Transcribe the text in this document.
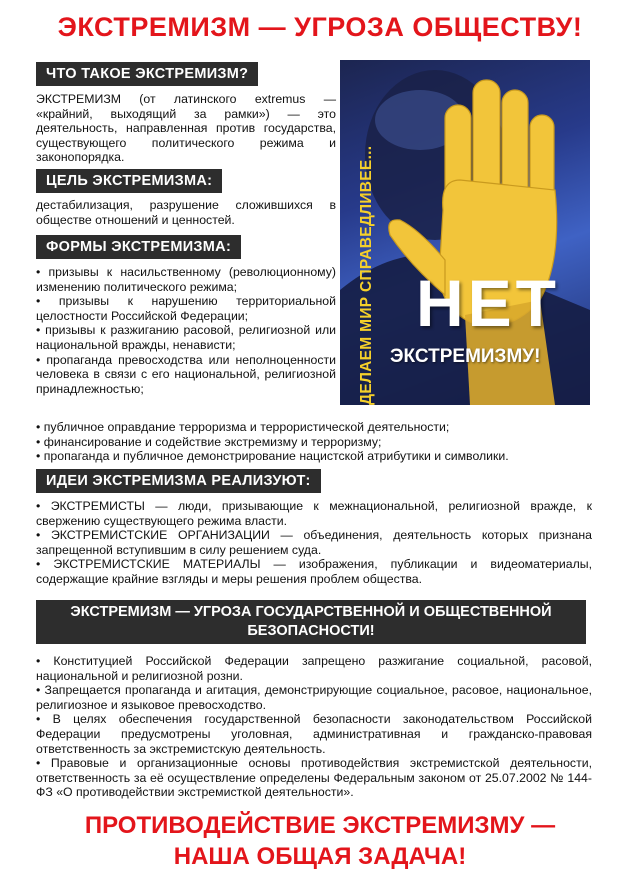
ЭКСТРЕМИЗМ — УГРОЗА ОБЩЕСТВУ!
ДЕЛАЕМ МИР СПРАВЕДЛИВЕЕ... НЕТ
ЭКСТРЕМИЗМУ!
ЧТО ТАКОЕ ЭКСТРЕМИЗМ?

ЭКСТРЕМИЗМ (от латинского extremus — «крайний, выходящий за рамки») — это деятельность, направленная против государства, существующего политического режима и законопорядка.

ЦЕЛЬ ЭКСТРЕМИЗМА:

дестабилизация, разрушение сложившихся в обществе отношений и ценностей.

ФОРМЫ ЭКСТРЕМИЗМА:
• призывы к насильственному (революционному) изменению политического режима;
• призывы к нарушению территориальной целостности Российской Федерации;
• призывы к разжиганию расовой, религиозной или национальной вражды, ненависти;
• пропаганда превосходства или неполноценности человека в связи с его национальной, религиозной принадлежностью;
• публичное оправдание терроризма и террористической деятельности;
• финансирование и содействие экстремизму и терроризму;
• пропаганда и публичное демонстрирование нацистской атрибутики и символики.
ИДЕИ ЭКСТРЕМИЗМА РЕАЛИЗУЮТ:
• ЭКСТРЕМИСТЫ — люди, призывающие к межнациональной, религиозной вражде, к свержению существующего режима власти.
• ЭКСТРЕМИСТСКИЕ ОРГАНИЗАЦИИ — объединения, деятельность которых признана запрещенной вступившим в силу решением суда.
• ЭКСТРЕМИСТСКИЕ МАТЕРИАЛЫ — изображения, публикации и видеоматериалы, содержащие крайние взгляды и меры решения проблем общества.
ЭКСТРЕМИЗМ — УГРОЗА ГОСУДАРСТВЕННОЙ И ОБЩЕСТВЕННОЙ
БЕЗОПАСНОСТИ!
• Конституцией Российской Федерации запрещено разжигание социальной, расовой, национальной и религиозной розни.
• Запрещается пропаганда и агитация, демонстрирующие социальное, расовое, национальное, религиозное и языковое превосходство.
• В целях обеспечения государственной безопасности законодательством Российской Федерации предусмотрены уголовная, административная и гражданско-правовая ответственность за экстремистскую деятельность.
• Правовые и организационные основы противодействия экстремистской деятельности, ответственность за её осуществление определены Федеральным законом от 25.07.2002 № 144-ФЗ «О противодействии экстремисткой деятельности».
ПРОТИВОДЕЙСТВИЕ ЭКСТРЕМИЗМУ —
НАША ОБЩАЯ ЗАДАЧА!
